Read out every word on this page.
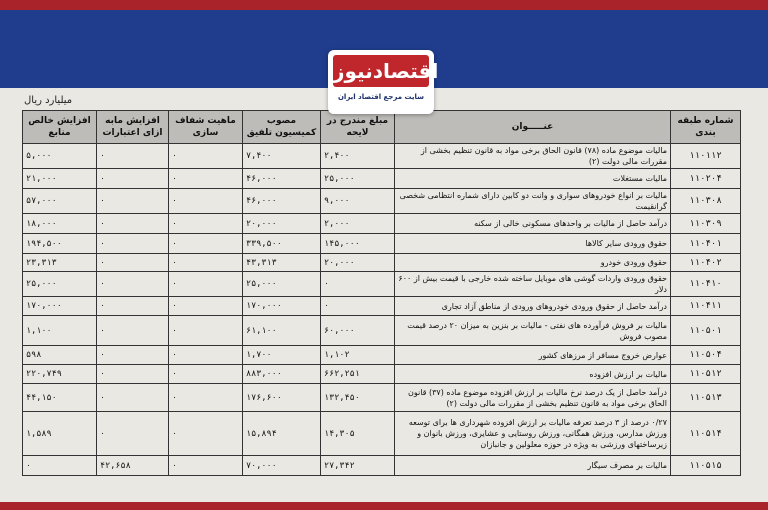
اقتصادنیوز
سایت مرجع اقتصاد ایران
میلیارد ریال
افزایش خالص منابع	افزایش مابه ازای اعتبارات	ماهیت شفاف سازی	مصوب کمیسیون تلفیق	مبلغ مندرج در لایحه	عنـــــوان	شماره طبقه بندی
۵,۰۰۰	۰	۰	۷,۴۰۰	۲,۴۰۰	مالیات موضوع ماده (۷۸) قانون الحاق برخی مواد به قانون تنظیم بخشی از مقررات مالی دولت (۲)	۱۱۰۱۱۲
۲۱,۰۰۰	۰	۰	۴۶,۰۰۰	۲۵,۰۰۰	مالیات مستغلات	۱۱۰۲۰۴
۵۷,۰۰۰	۰	۰	۴۶,۰۰۰	۹,۰۰۰	مالیات بر انواع خودروهای سواری و وانت دو کابین دارای شماره انتظامی شخصی گرانقیمت	۱۱۰۳۰۸
۱۸,۰۰۰	۰	۰	۲۰,۰۰۰	۲,۰۰۰	درآمد حاصل از مالیات بر واحدهای مسکونی خالی از سکنه	۱۱۰۳۰۹
۱۹۴,۵۰۰	۰	۰	۳۳۹,۵۰۰	۱۴۵,۰۰۰	حقوق ورودی سایر کالاها	۱۱۰۴۰۱
۲۳,۳۱۳	۰	۰	۴۳,۳۱۳	۲۰,۰۰۰	حقوق ورودی خودرو	۱۱۰۴۰۲
۲۵,۰۰۰	۰	۰	۲۵,۰۰۰	۰	حقوق ورودی واردات گوشی های موبایل ساخته شده خارجی با قیمت بیش از ۶۰۰ دلار	۱۱۰۴۱۰
۱۷۰,۰۰۰	۰	۰	۱۷۰,۰۰۰	۰	درآمد حاصل از حقوق ورودی خودروهای ورودی از مناطق آزاد تجاری	۱۱۰۴۱۱
۱,۱۰۰	۰	۰	۶۱,۱۰۰	۶۰,۰۰۰	مالیات بر فروش فرآورده های نفتی - مالیات بر بنزین به میزان ۲۰ درصد قیمت مصوب فروش	۱۱۰۵۰۱
۵۹۸	۰	۰	۱,۷۰۰	۱,۱۰۲	عوارض خروج مسافر از مرزهای کشور	۱۱۰۵۰۴
۲۲۰,۷۴۹	۰	۰	۸۸۳,۰۰۰	۶۶۲,۲۵۱	مالیات بر ارزش افزوده	۱۱۰۵۱۲
۴۴,۱۵۰	۰	۰	۱۷۶,۶۰۰	۱۳۲,۴۵۰	درآمد حاصل از یک درصد نرخ مالیات بر ارزش افزوده موضوع ماده (۳۷) قانون الحاق برخی مواد به قانون تنظیم بخشی از مقررات مالی دولت (۲)	۱۱۰۵۱۳
۱,۵۸۹	۰	۰	۱۵,۸۹۴	۱۴,۳۰۵	۰/۲۷ درصد از ۳ درصد تعرفه مالیات بر ارزش افزوده شهرداری ها برای توسعه ورزش مدارس، ورزش همگانی، ورزش روستایی و عشایری، ورزش بانوان و زیرساختهای ورزشی به ویژه در حوزه معلولین و جانبازان	۱۱۰۵۱۴
۰	۴۲,۶۵۸	۰	۷۰,۰۰۰	۲۷,۳۴۲	مالیات بر مصرف سیگار	۱۱۰۵۱۵
